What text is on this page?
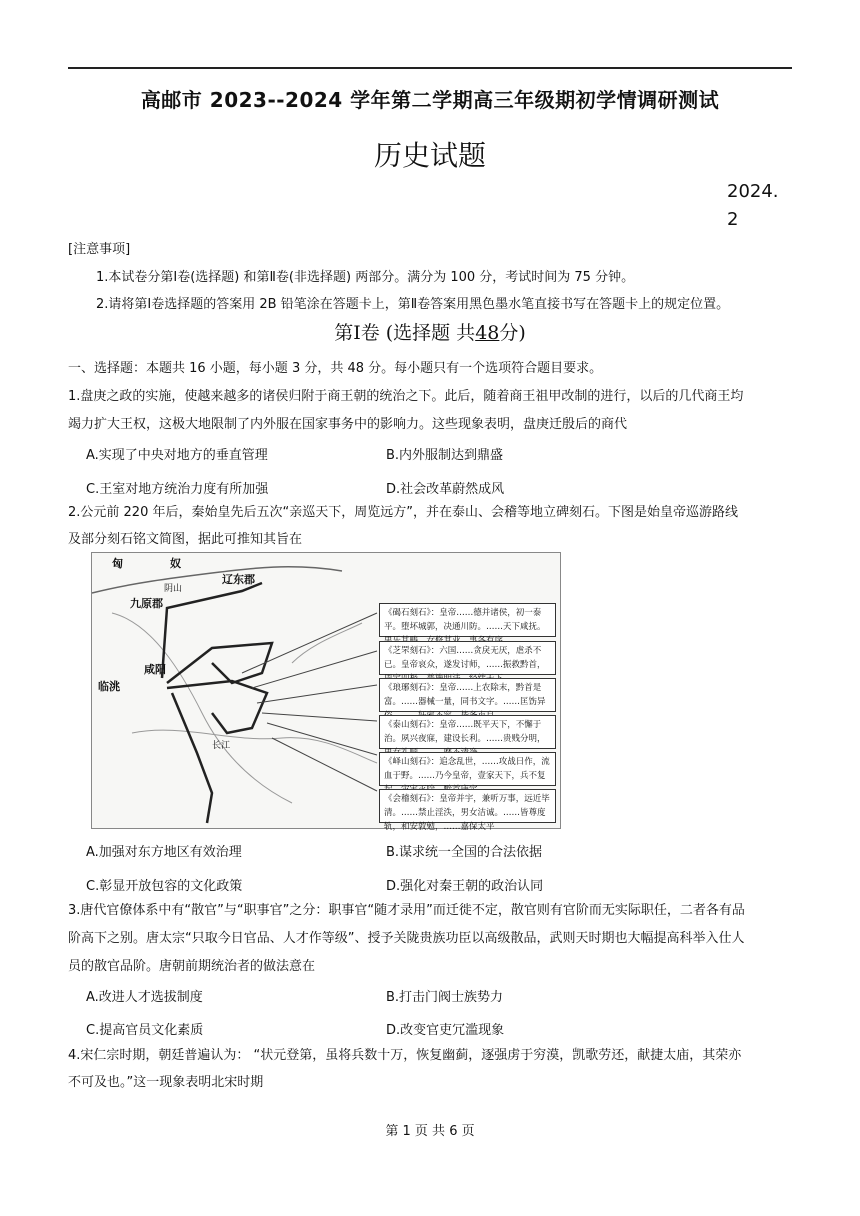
高邮市 2023--2024 学年第二学期高三年级期初学情调研测试
历史试题
2024.
2
[注意事项]
1.本试卷分第Ⅰ卷(选择题) 和第Ⅱ卷(非选择题) 两部分。满分为 100 分，考试时间为 75 分钟。
2.请将第Ⅰ卷选择题的答案用 2B 铅笔涂在答题卡上，第Ⅱ卷答案用黑色墨水笔直接书写在答题卡上的规定位置。
第Ⅰ卷 (选择题 共48分)
一、选择题：本题共 16 小题，每小题 3 分，共 48 分。每小题只有一个选项符合题目要求。
1.盘庚之政的实施，使越来越多的诸侯归附于商王朝的统治之下。此后，随着商王祖甲改制的进行，以后的几代商王均
竭力扩大王权，这极大地限制了内外服在国家事务中的影响力。这些现象表明，盘庚迁殷后的商代
A.实现了中央对地方的垂直管理	B.内外服制达到鼎盛
C.王室对地方统治力度有所加强	D.社会改革蔚然成风
2.公元前 220 年后，秦始皇先后五次“亲巡天下，周览远方”，并在泰山、会稽等地立碑刻石。下图是始皇帝巡游路线
及部分刻石铭文简图，据此可推知其旨在
匈	奴
辽东郡
九原郡
咸阳
临洮
阴山
长江
《碣石刻石》：皇帝……德并诸侯，初一泰平。堕坏城郭，决通川防。……天下咸抚。
《芝罘刻石》：六国……贪戾无厌，虐杀不已。皇帝哀众，遂发讨师，……振救黔首，
《琅琊刻石》：皇帝……上农除末，黔首是富。……器械一量，同书文字。……匡饬异
《泰山刻石》：皇帝……既平天下，不懈于治。夙兴夜寐，建设长利。……贵贱分明，
《峄山刻石》：追念乱世，……攻战日作，流血于野。……乃今皇帝，壹家天下，兵不复
《会稽刻石》：皇帝并宇，兼听万事，远近毕清。……禁止淫泆，男女洁诚。……皆尊度轨，和安敦勉，……嘉保太平
A.加强对东方地区有效治理	B.谋求统一全国的合法依据
C.彰显开放包容的文化政策	D.强化对秦王朝的政治认同
3.唐代官僚体系中有“散官”与“职事官”之分：职事官“随才录用”而迁徙不定，散官则有官阶而无实际职任，二者各有品
阶高下之别。唐太宗“只取今日官品、人才作等级”、授予关陇贵族功臣以高级散品，武则天时期也大幅提高科举入仕人
员的散官品阶。唐朝前期统治者的做法意在
A.改进人才选拔制度	B.打击门阀士族势力
C.提高官员文化素质	D.改变官吏冗滥现象
4.宋仁宗时期，朝廷普遍认为： “状元登第，虽将兵数十万，恢复幽蓟，逐强虏于穷漠，凯歌劳还，献捷太庙，其荣亦
不可及也。”这一现象表明北宋时期
第 1 页 共 6 页
